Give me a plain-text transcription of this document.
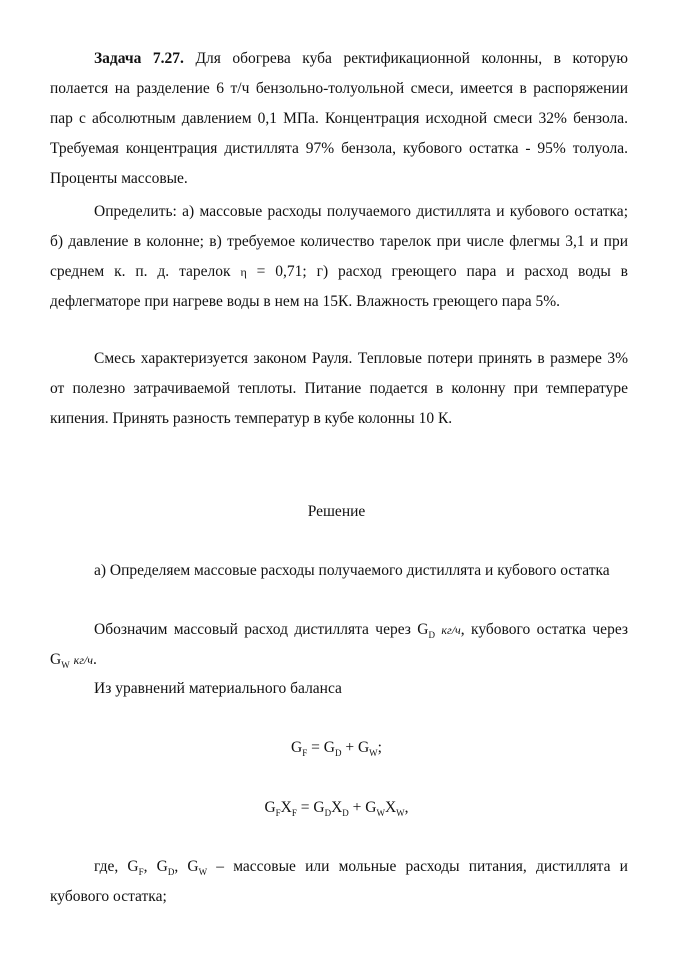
Задача 7.27. Для обогрева куба ректификационной колонны, в которую полается на разделение 6 т/ч бензольно-толуольной смеси, имеется в распоряжении пар с абсолютным давлением 0,1 МПа. Концентрация исходной смеси 32% бензола. Требуемая концентрация дистиллята 97% бензола, кубового остатка - 95% толуола. Проценты массовые.

Определить: а) массовые расходы получаемого дистиллята и кубового остатка; б) давление в колонне; в) требуемое количество тарелок при числе флегмы 3,1 и при среднем к. п. д. тарелок η = 0,71; г) расход греющего пара и расход воды в дефлегматоре при нагреве воды в нем на 15К. Влажность греющего пара 5%.

Смесь характеризуется законом Рауля. Тепловые потери принять в размере 3% от полезно затрачиваемой теплоты. Питание подается в колонну при температуре кипения. Принять разность температур в кубе колонны 10 К.

Решение

а) Определяем массовые расходы получаемого дистиллята и кубового остатка

Обозначим массовый расход дистиллята через $G_D$ кг/ч, кубового остатка через $G_W$ кг/ч.

Из уравнений материального баланса

$G_F = G_D + G_W$;
$G_FX_F = G_DX_D + G_WX_W$,

где, $G_F$, $G_D$, $G_W$ – массовые или мольные расходы питания, дистиллята и кубового остатка;
